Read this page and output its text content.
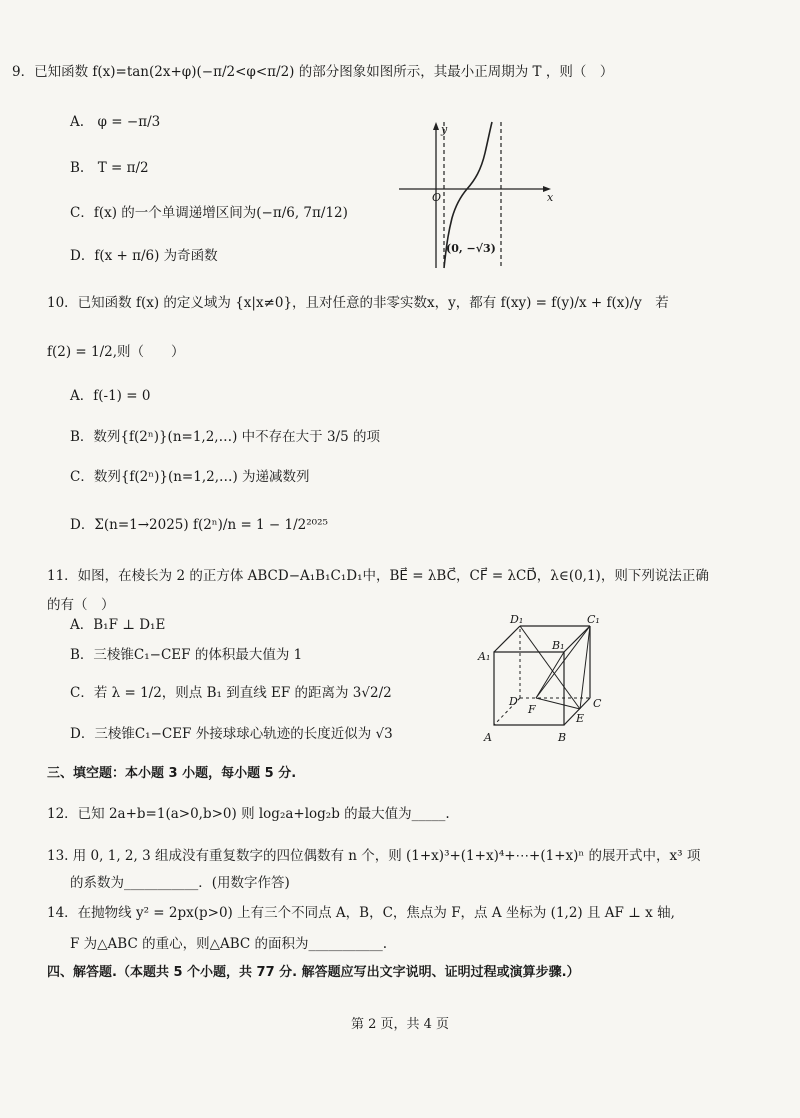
9．已知函数 f(x)=tan(2x+φ)(−π/2<φ<π/2) 的部分图象如图所示，其最小正周期为 T ，则（　）
A.　φ = −π/3
B.　T = π/2
C．f(x) 的一个单调递增区间为(−π/6, 7π/12)
D．f(x + π/6) 为奇函数
y
x
O
(0, −√3)
10．已知函数 f(x) 的定义域为 {x|x≠0}，且对任意的非零实数x，y，都有 f(xy) = f(y)/x + f(x)/y　若
f(2) = 1/2,则（　　）
A．f(-1) = 0
B．数列{f(2ⁿ)}(n=1,2,…) 中不存在大于 3/5 的项
C．数列{f(2ⁿ)}(n=1,2,…) 为递减数列
D．Σ(n=1→2025) f(2ⁿ)/n = 1 − 1/2²⁰²⁵
11．如图，在棱长为 2 的正方体 ABCD−A₁B₁C₁D₁中，BE⃗ = λBC⃗，CF⃗ = λCD⃗，λ∈(0,1)，则下列说法正确
的有（　）
A．B₁F ⊥ D₁E
B．三棱锥C₁−CEF 的体积最大值为 1
C．若 λ = 1/2，则点 B₁ 到直线 EF 的距离为 3√2/2
D．三棱锥C₁−CEF 外接球球心轨迹的长度近似为 √3	A	B
C
D
A₁
B₁
C₁
D₁
E
F
三、填空题：本小题 3 小题，每小题 5 分.
12．已知 2a+b=1(a>0,b>0) 则 log₂a+log₂b 的最大值为_____.
13. 用 0, 1, 2, 3 组成没有重复数字的四位偶数有 n 个，则 (1+x)³+(1+x)⁴+⋯+(1+x)ⁿ 的展开式中，x³ 项
的系数为___________．(用数字作答)
14．在抛物线 y² = 2px(p>0) 上有三个不同点 A，B，C，焦点为 F，点 A 坐标为 (1,2) 且 AF ⊥ x 轴,
F 为△ABC 的重心，则△ABC 的面积为___________.
四、解答题.（本题共 5 个小题，共 77 分. 解答题应写出文字说明、证明过程或演算步骤.）
第 2 页，共 4 页
